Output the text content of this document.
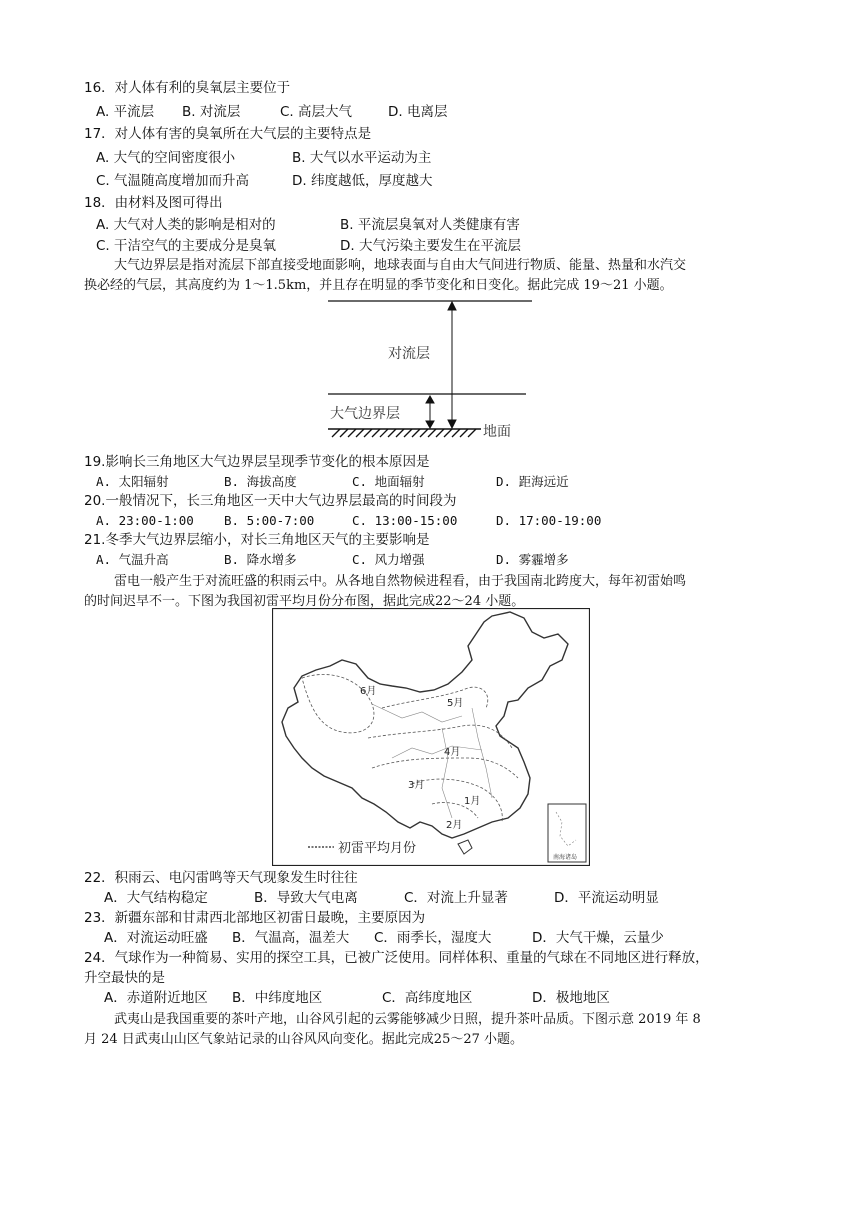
16．对人体有利的臭氧层主要位于
A. 平流层 B. 对流层	C. 高层大气	D. 电离层
17．对人体有害的臭氧所在大气层的主要特点是
A. 大气的空间密度很小	B. 大气以水平运动为主
C. 气温随高度增加而升高	D. 纬度越低，厚度越大
18．由材料及图可得出
A. 大气对人类的影响是相对的	B. 平流层臭氧对人类健康有害
C. 干洁空气的主要成分是臭氧	D. 大气污染主要发生在平流层
大气边界层是指对流层下部直接受地面影响，地球表面与自由大气间进行物质、能量、热量和水汽交
换必经的气层，其高度约为 1～1.5km，并且存在明显的季节变化和日变化。据此完成 19～21 小题。
对流层
大气边界层
地面
19.影响长三角地区大气边界层呈现季节变化的根本原因是
A. 太阳辐射	B. 海拔高度	C. 地面辐射	D. 距海远近
20.一般情况下，长三角地区一天中大气边界层最高的时间段为
A. 23:00-1:00 B. 5:00-7:00	C. 13:00-15:00	D. 17:00-19:00
21.冬季大气边界层缩小，对长三角地区天气的主要影响是
A. 气温升高	B. 降水增多	C. 风力增强	D. 雾霾增多
雷电一般产生于对流旺盛的积雨云中。从各地自然物候进程看，由于我国南北跨度大，每年初雷始鸣
的时间迟早不一。下图为我国初雷平均月份分布图，据此完成22～24 小题。
南海诸岛
6月
5月
4月
3月
1月
2月
初雷平均月份
22．积雨云、电闪雷鸣等天气现象发生时往往
A．大气结构稳定	B．导致大气电离	C．对流上升显著	D．平流运动明显
23．新疆东部和甘肃西北部地区初雷日最晚，主要原因为
A．对流运动旺盛 B．气温高，温差大 C．雨季长，湿度大	D．大气干燥，云量少
24．气球作为一种简易、实用的探空工具，已被广泛使用。同样体积、重量的气球在不同地区进行释放，
升空最快的是
A．赤道附近地区 B．中纬度地区	C．高纬度地区	D．极地地区
武夷山是我国重要的茶叶产地，山谷风引起的云雾能够减少日照，提升茶叶品质。下图示意 2019 年 8
月 24 日武夷山山区气象站记录的山谷风风向变化。据此完成25～27 小题。
